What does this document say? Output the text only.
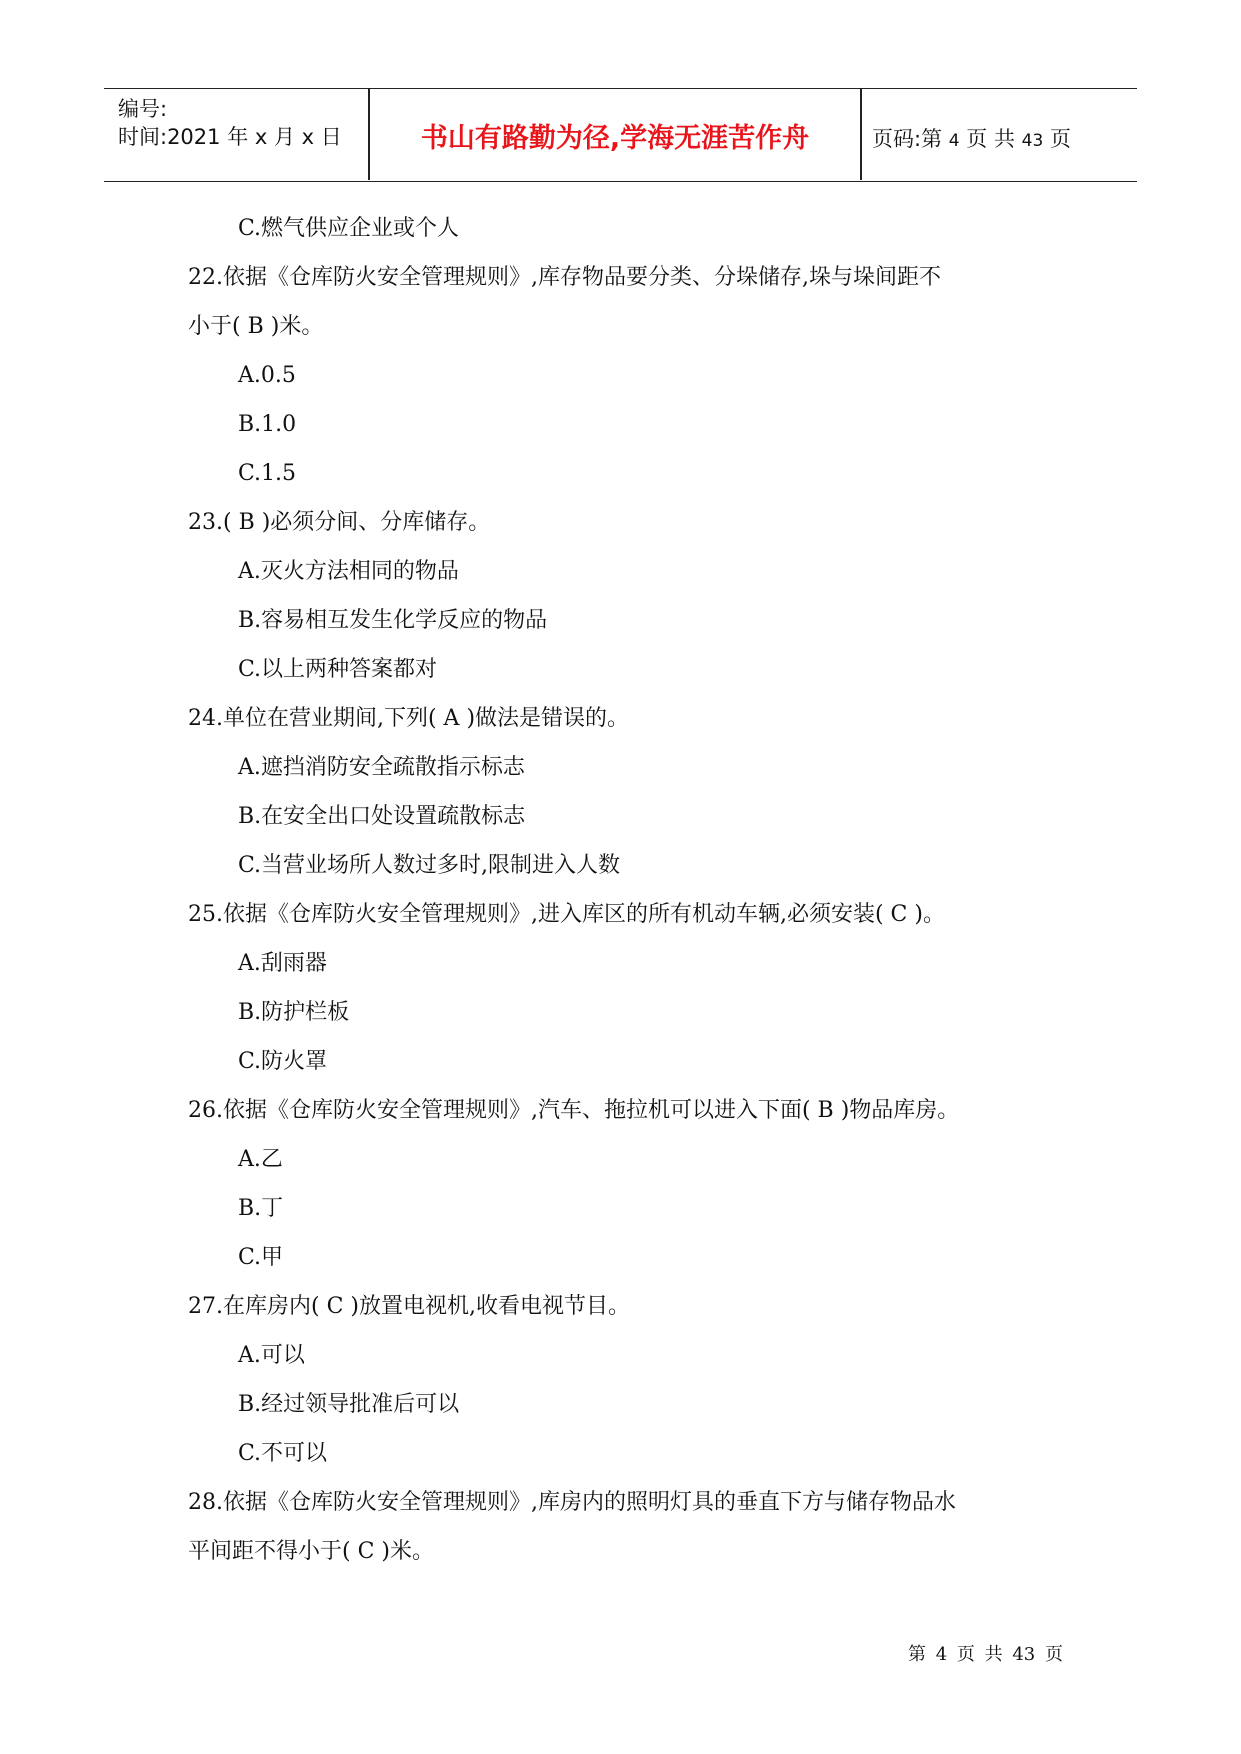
编号:
时间:2021 年 x 月 x 日	书山有路勤为径,学海无涯苦作舟	页码:第 4 页 共 43 页
C.燃气供应企业或个人
22.依据《仓库防火安全管理规则》,库存物品要分类、分垛储存,垛与垛间距不
小于( B )米。
A.0.5
B.1.0
C.1.5
23.( B )必须分间、分库储存。
A.灭火方法相同的物品
B.容易相互发生化学反应的物品
C.以上两种答案都对
24.单位在营业期间,下列( A )做法是错误的。
A.遮挡消防安全疏散指示标志
B.在安全出口处设置疏散标志
C.当营业场所人数过多时,限制进入人数
25.依据《仓库防火安全管理规则》,进入库区的所有机动车辆,必须安装( C )。
A.刮雨器
B.防护栏板
C.防火罩
26.依据《仓库防火安全管理规则》,汽车、拖拉机可以进入下面( B )物品库房。
A.乙
B.丁
C.甲
27.在库房内( C )放置电视机,收看电视节目。
A.可以
B.经过领导批准后可以
C.不可以
28.依据《仓库防火安全管理规则》,库房内的照明灯具的垂直下方与储存物品水
平间距不得小于( C )米。
第 4 页 共 43 页
